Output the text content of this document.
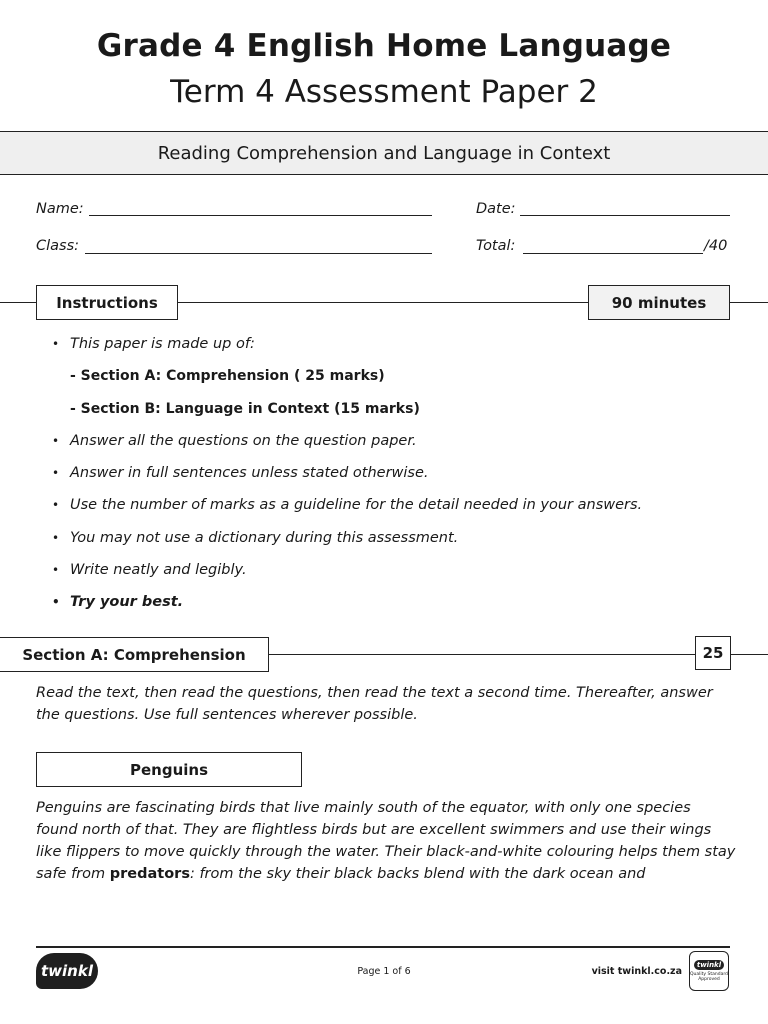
Grade 4 English Home Language
Term 4 Assessment Paper 2
Reading Comprehension and Language in Context
Name:	Date:
Class:	Total:	/40
Instructions	90 minutes
• This paper is made up of:
- Section A: Comprehension ( 25 marks)
- Section B: Language in Context (15 marks)
• Answer all the questions on the question paper.
• Answer in full sentences unless stated otherwise.
• Use the number of marks as a guideline for the detail needed in your answers.
• You may not use a dictionary during this assessment.
• Write neatly and legibly.
• Try your best.
Section A: Comprehension	25
Read the text, then read the questions, then read the text a second time. Thereafter, answer the questions. Use full sentences wherever possible.
Penguins
Penguins are fascinating birds that live mainly south of the equator, with only one species found north of that. They are flightless birds but are excellent swimmers and use their wings like flippers to move quickly through the water. Their black-and-white colouring helps them stay safe from predators: from the sky their black backs blend with the dark ocean and
twinkl	Page 1 of 6	visit twinkl.co.za
twinkl
Quality Standard Approved
